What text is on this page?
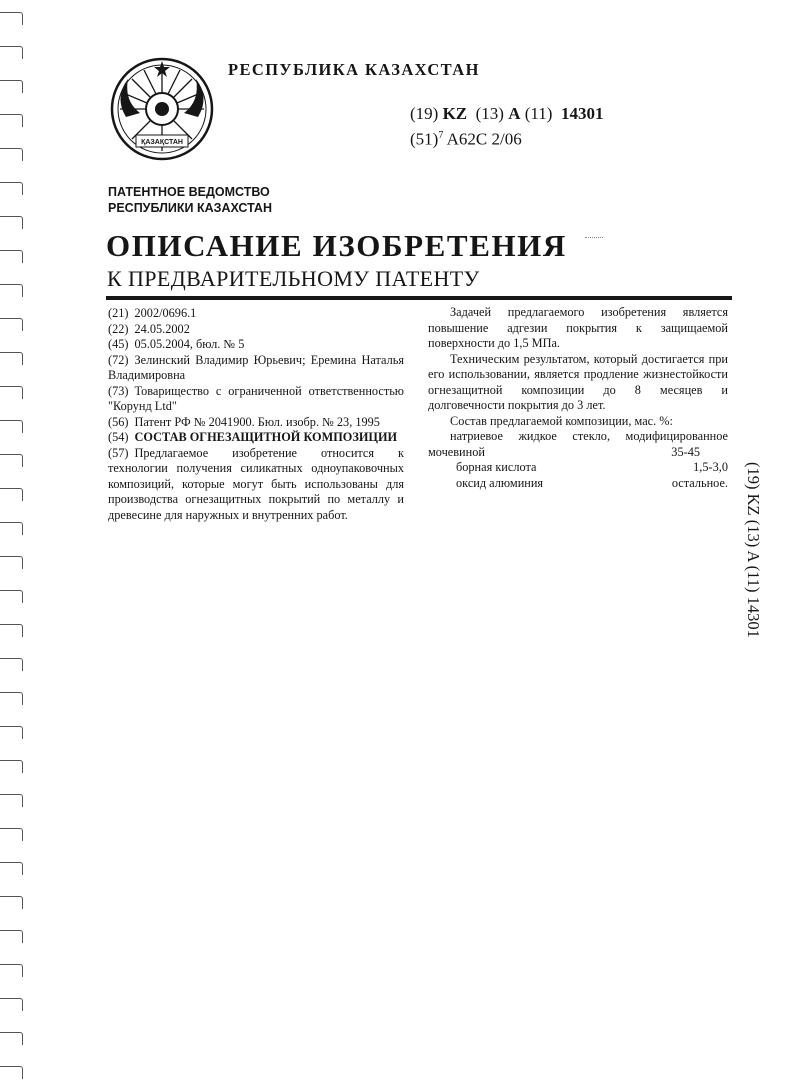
ҚАЗАҚСТАН
РЕСПУБЛИКА КАЗАХСТАН
(19) KZ (13) A (11) 14301
$(51)^7$ A62C 2/06
ПАТЕНТНОЕ ВЕДОМСТВО
РЕСПУБЛИКИ КАЗАХСТАН
ОПИСАНИЕ ИЗОБРЕТЕНИЯ
К ПРЕДВАРИТЕЛЬНОМУ ПАТЕНТУ
(21) 2002/0696.1
(22) 24.05.2002
(45) 05.05.2004, бюл. № 5
(72) Зелинский Владимир Юрьевич; Еремина Наталья Владимировна
(73) Товарищество с ограниченной ответственностью "Корунд Ltd"
(56) Патент РФ № 2041900. Бюл. изобр. № 23, 1995
(54) СОСТАВ ОГНЕЗАЩИТНОЙ КОМПОЗИЦИИ
(57) Предлагаемое изобретение относится к технологии получения силикатных одноупаковочных композиций, которые могут быть использованы для производства огнезащитных покрытий по металлу и древесине для наружных и внутренних работ.

Задачей предлагаемого изобретения является повышение адгезии покрытия к защищаемой поверхности до 1,5 МПа.

Техническим результатом, который достигается при его использовании, является продление жизнестойкости огнезащитной композиции до 8 месяцев и долговечности покрытия до 3 лет.

Состав предлагаемой композиции, мас. %:

натриевое жидкое стекло, модифицированное мочевиной	35-45
борная кислота	1,5-3,0
оксид алюминия	остальное. (19) KZ (13) A (11) 14301
